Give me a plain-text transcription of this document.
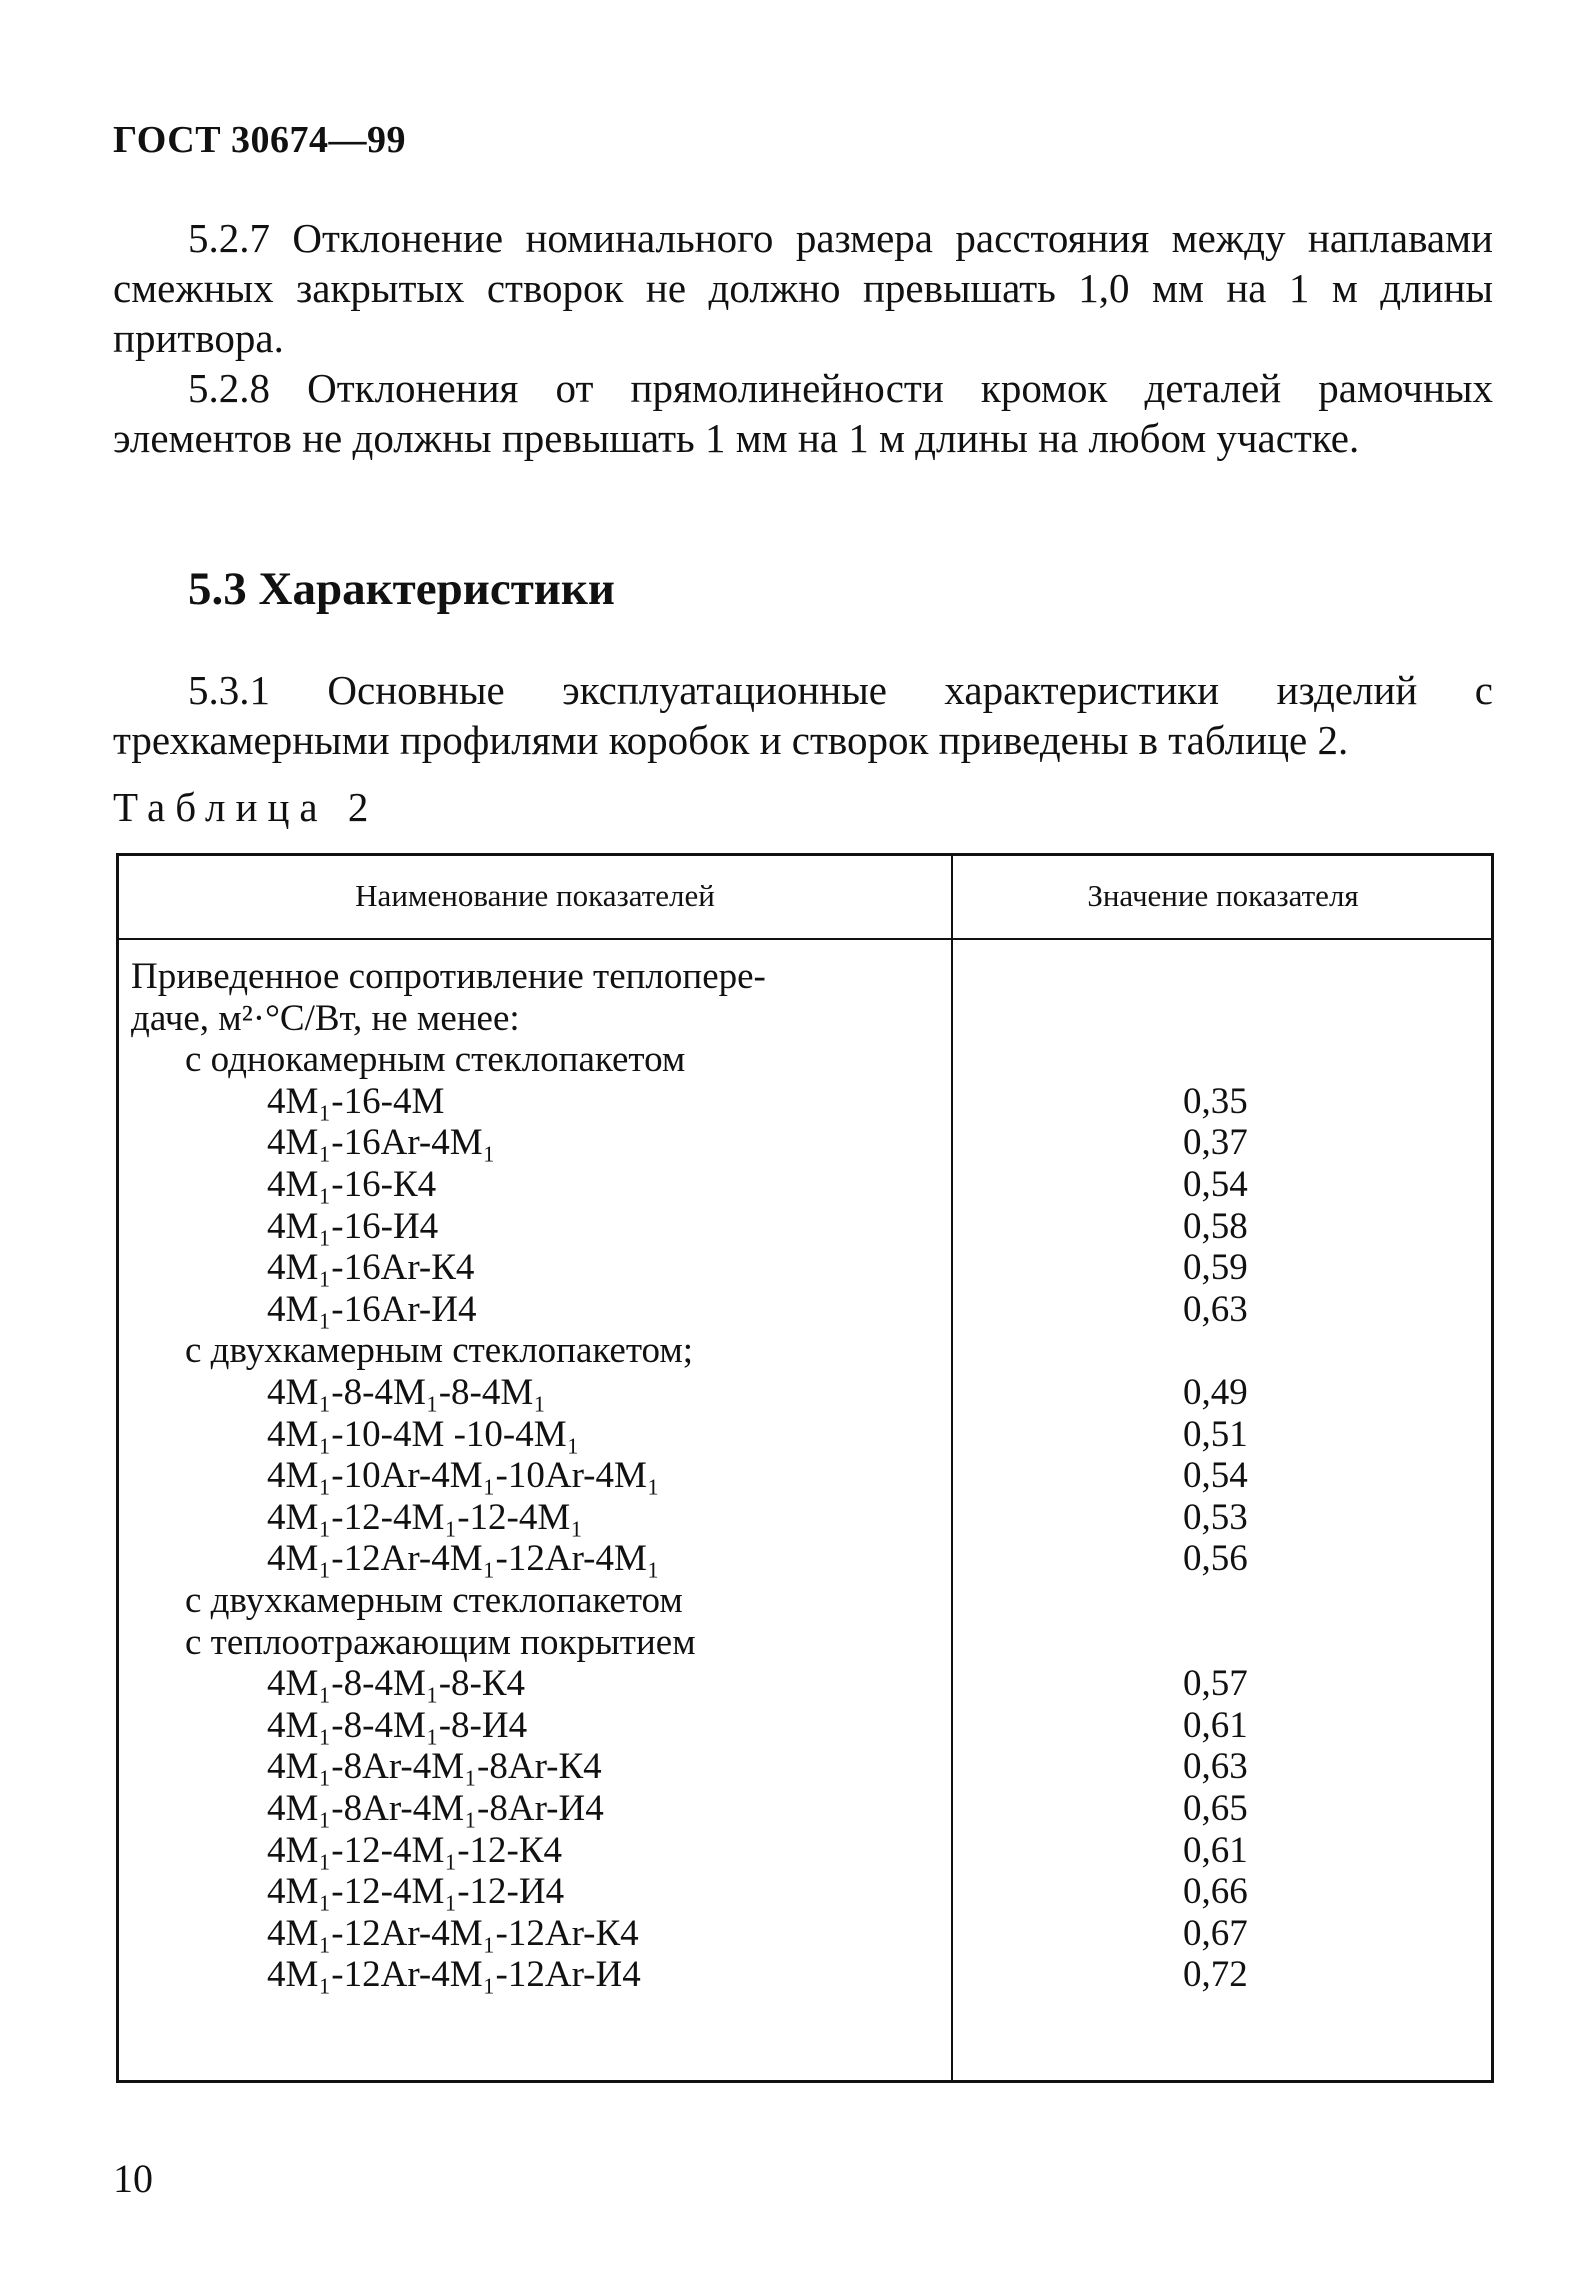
ГОСТ 30674—99

5.2.7 Отклонение номинального размера расстояния между наплавами смежных закрытых створок не должно превышать 1,0 мм на 1 м длины притвора.

5.2.8 Отклонения от прямолинейности кромок деталей рамочных элементов не должны превышать 1 мм на 1 м длины на любом участке.

5.3 Характеристики

5.3.1 Основные эксплуатационные характеристики изделий с трехкамерными профилями коробок и створок приведены в таблице 2.

Таблица 2
Наименование показателей	Значение показателя
Приведенное сопротивление теплопере-
даче, м²·°С/Вт, не менее:
с однокамерным стеклопакетом
4М₁-16-4М	0,35
4М₁-16Ar-4М₁	0,37
4М₁-16-К4	0,54
4М₁-16-И4	0,58
4М₁-16Ar-К4	0,59
4М₁-16Ar-И4	0,63
с двухкамерным стеклопакетом;
4М₁-8-4М₁-8-4М₁	0,49
4М₁-10-4М -10-4М₁	0,51
4М₁-10Ar-4М₁-10Ar-4М₁	0,54
4М₁-12-4М₁-12-4М₁	0,53
4М₁-12Ar-4М₁-12Ar-4М₁	0,56
с двухкамерным стеклопакетом
с теплоотражающим покрытием
4М₁-8-4М₁-8-К4	0,57
4М₁-8-4М₁-8-И4	0,61
4М₁-8Ar-4М₁-8Ar-К4	0,63
4М₁-8Ar-4М₁-8Ar-И4	0,65
4М₁-12-4М₁-12-К4	0,61
4М₁-12-4М₁-12-И4	0,66
4М₁-12Ar-4М₁-12Ar-К4	0,67
4М₁-12Ar-4М₁-12Ar-И4	0,72
10
